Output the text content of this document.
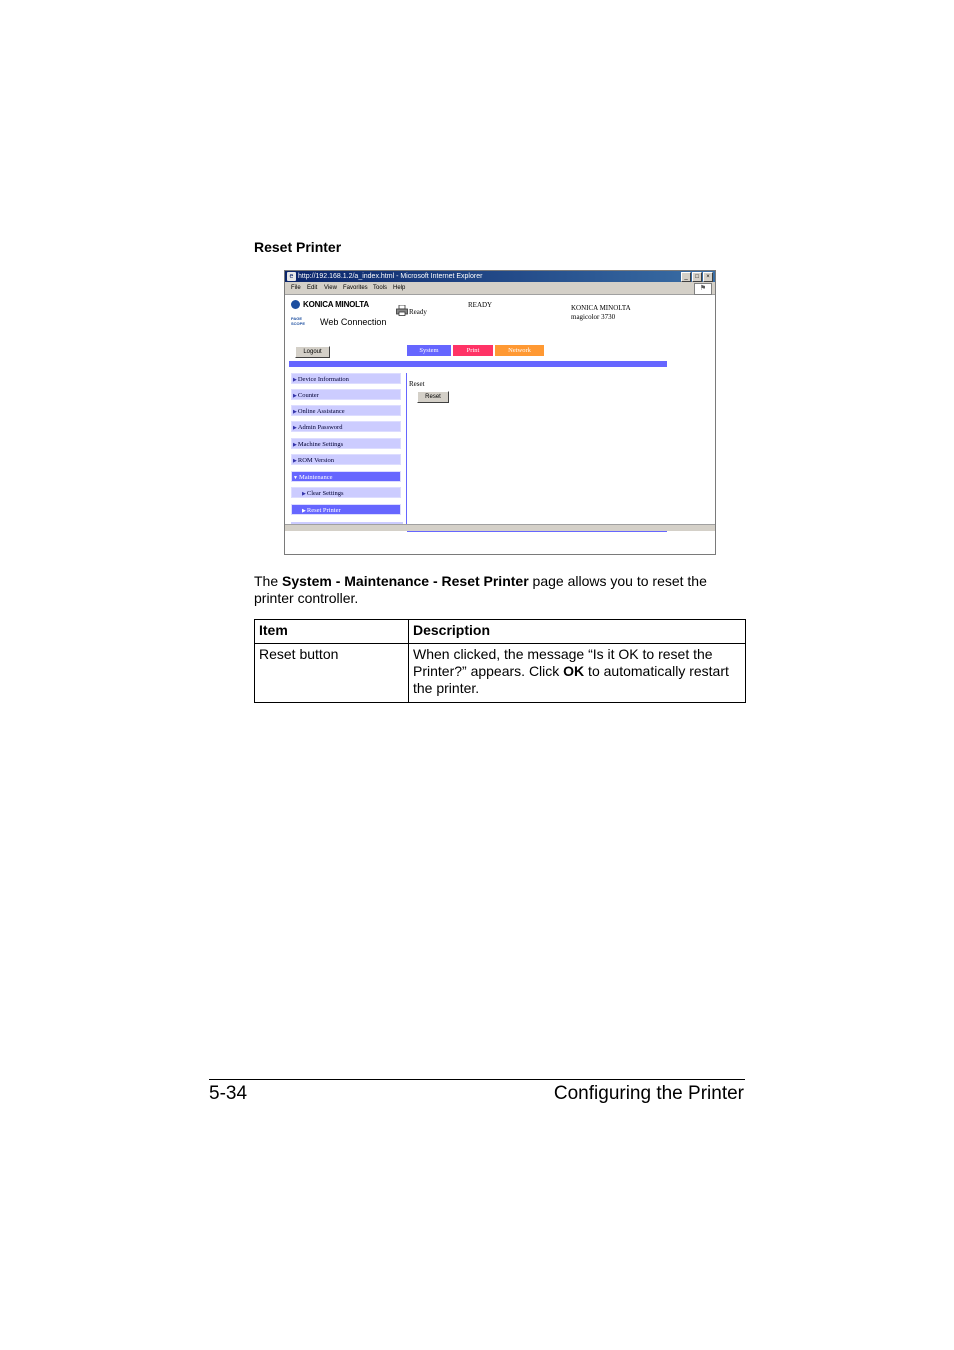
Reset Printer
e http://192.168.1.2/a_index.html - Microsoft Internet Explorer	_	□	×
File Edit View Favorites Tools Help	⚑
KONICA MINOLTA
PAGE SCOPE	Web Connection
Ready
READY	KONICA MINOLTA
magicolor 3730
Logout	System	Print	Network
▶Device Information
▶Counter
▶Online Assistance
▶Admin Password
▶Machine Settings
▶ROM Version
▼Maintenance
▶Clear Settings
▶Reset Printer
Reset
Reset
The System - Maintenance - Reset Printer page allows you to reset the printer controller.
Item	Description
Reset button	When clicked, the message “Is it OK to reset the Printer?” appears. Click OK to automatically restart the printer.
5-34	Configuring the Printer
